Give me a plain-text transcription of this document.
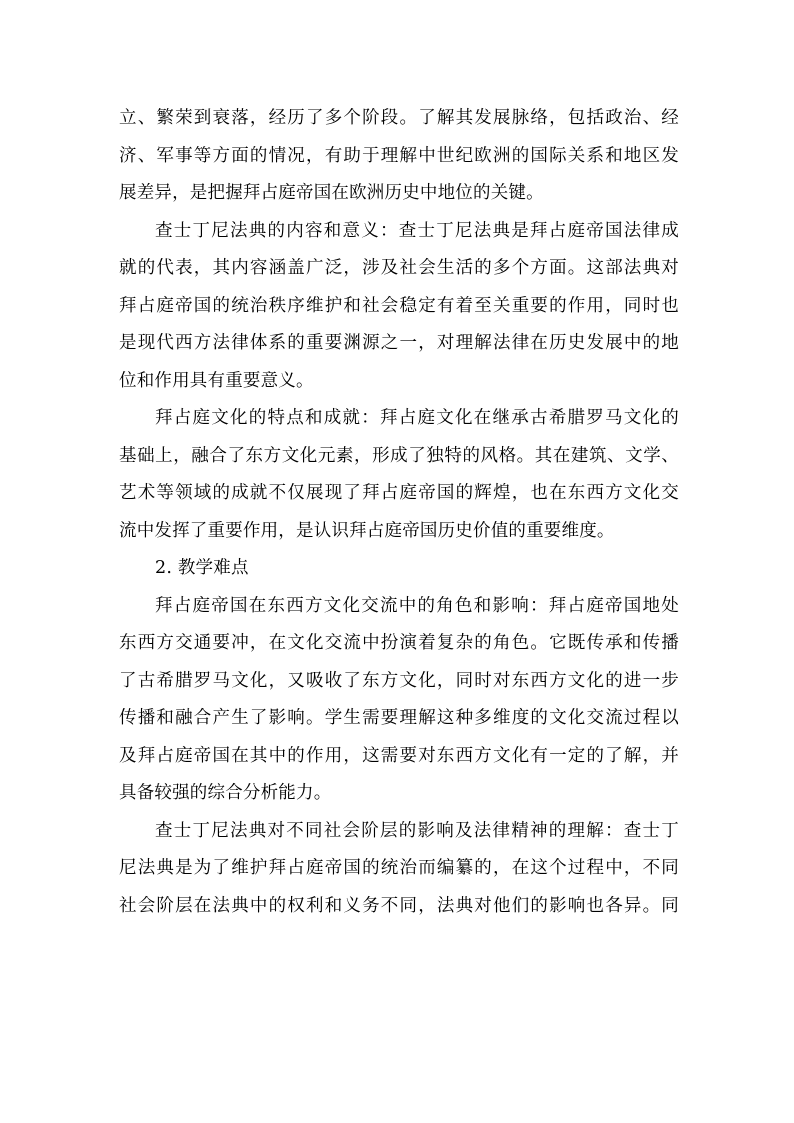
立、繁荣到衰落，经历了多个阶段。了解其发展脉络，包括政治、经
济、军事等方面的情况，有助于理解中世纪欧洲的国际关系和地区发
展差异，是把握拜占庭帝国在欧洲历史中地位的关键。

查士丁尼法典的内容和意义：查士丁尼法典是拜占庭帝国法律成
就的代表，其内容涵盖广泛，涉及社会生活的多个方面。这部法典对
拜占庭帝国的统治秩序维护和社会稳定有着至关重要的作用，同时也
是现代西方法律体系的重要渊源之一，对理解法律在历史发展中的地
位和作用具有重要意义。

拜占庭文化的特点和成就：拜占庭文化在继承古希腊罗马文化的
基础上，融合了东方文化元素，形成了独特的风格。其在建筑、文学、
艺术等领域的成就不仅展现了拜占庭帝国的辉煌，也在东西方文化交
流中发挥了重要作用，是认识拜占庭帝国历史价值的重要维度。

2. 教学难点

拜占庭帝国在东西方文化交流中的角色和影响：拜占庭帝国地处
东西方交通要冲，在文化交流中扮演着复杂的角色。它既传承和传播
了古希腊罗马文化，又吸收了东方文化，同时对东西方文化的进一步
传播和融合产生了影响。学生需要理解这种多维度的文化交流过程以
及拜占庭帝国在其中的作用，这需要对东西方文化有一定的了解，并
具备较强的综合分析能力。

查士丁尼法典对不同社会阶层的影响及法律精神的理解：查士丁
尼法典是为了维护拜占庭帝国的统治而编纂的，在这个过程中，不同
社会阶层在法典中的权利和义务不同，法典对他们的影响也各异。同
